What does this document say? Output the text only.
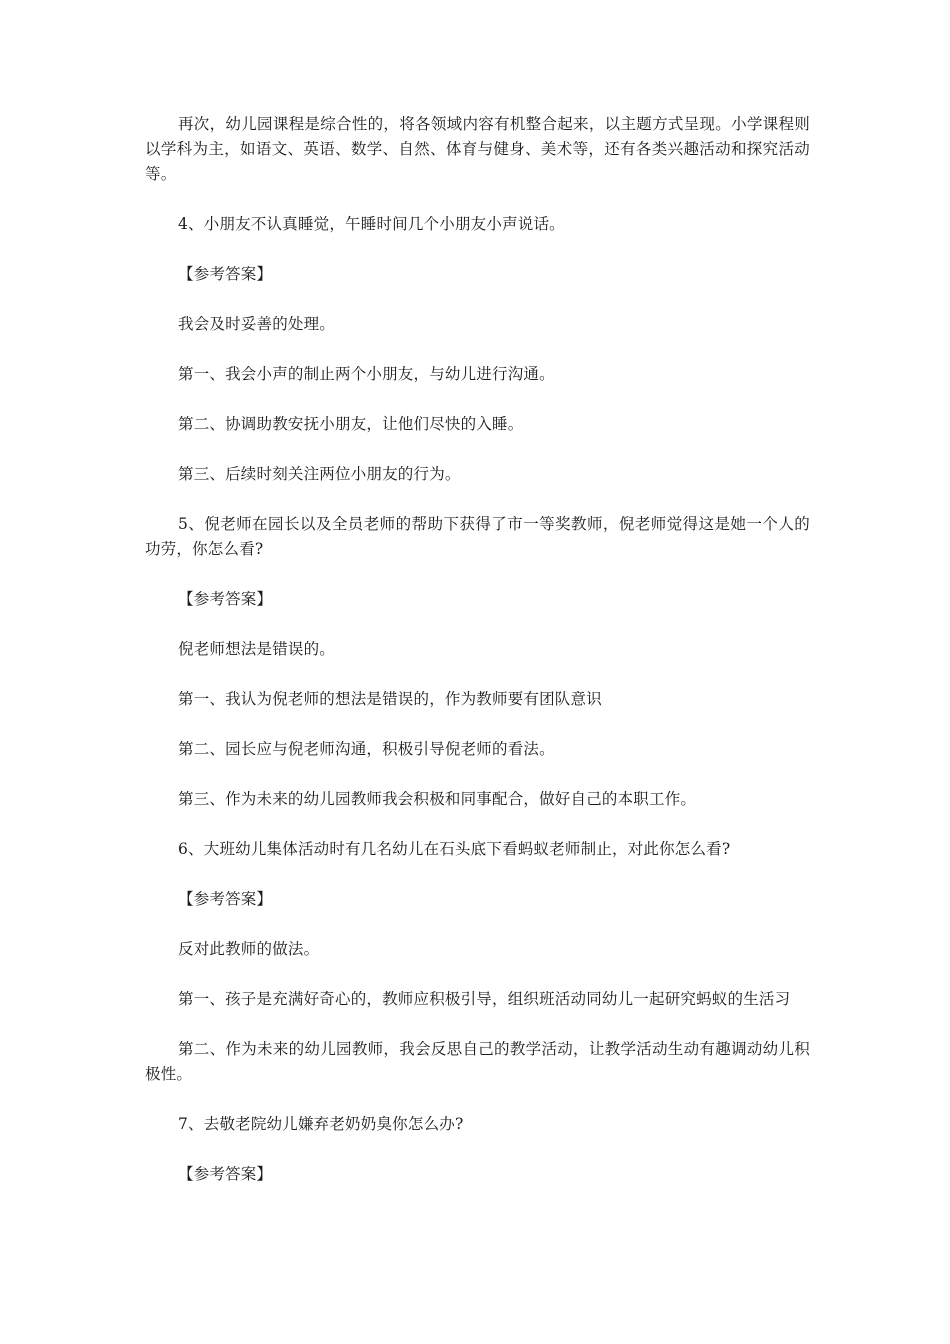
再次，幼儿园课程是综合性的，将各领域内容有机整合起来，以主题方式呈现。小学课程则以学科为主，如语文、英语、数学、自然、体育与健身、美术等，还有各类兴趣活动和探究活动等。

4、小朋友不认真睡觉，午睡时间几个小朋友小声说话。

【参考答案】

我会及时妥善的处理。

第一、我会小声的制止两个小朋友，与幼儿进行沟通。

第二、协调助教安抚小朋友，让他们尽快的入睡。

第三、后续时刻关注两位小朋友的行为。

5、倪老师在园长以及全员老师的帮助下获得了市一等奖教师，倪老师觉得这是她一个人的功劳，你怎么看?

【参考答案】

倪老师想法是错误的。

第一、我认为倪老师的想法是错误的，作为教师要有团队意识

第二、园长应与倪老师沟通，积极引导倪老师的看法。

第三、作为未来的幼儿园教师我会积极和同事配合，做好自己的本职工作。

6、大班幼儿集体活动时有几名幼儿在石头底下看蚂蚁老师制止，对此你怎么看?

【参考答案】

反对此教师的做法。

第一、孩子是充满好奇心的，教师应积极引导，组织班活动同幼儿一起研究蚂蚁的生活习

第二、作为未来的幼儿园教师，我会反思自己的教学活动，让教学活动生动有趣调动幼儿积极性。

7、去敬老院幼儿嫌弃老奶奶臭你怎么办?

【参考答案】
